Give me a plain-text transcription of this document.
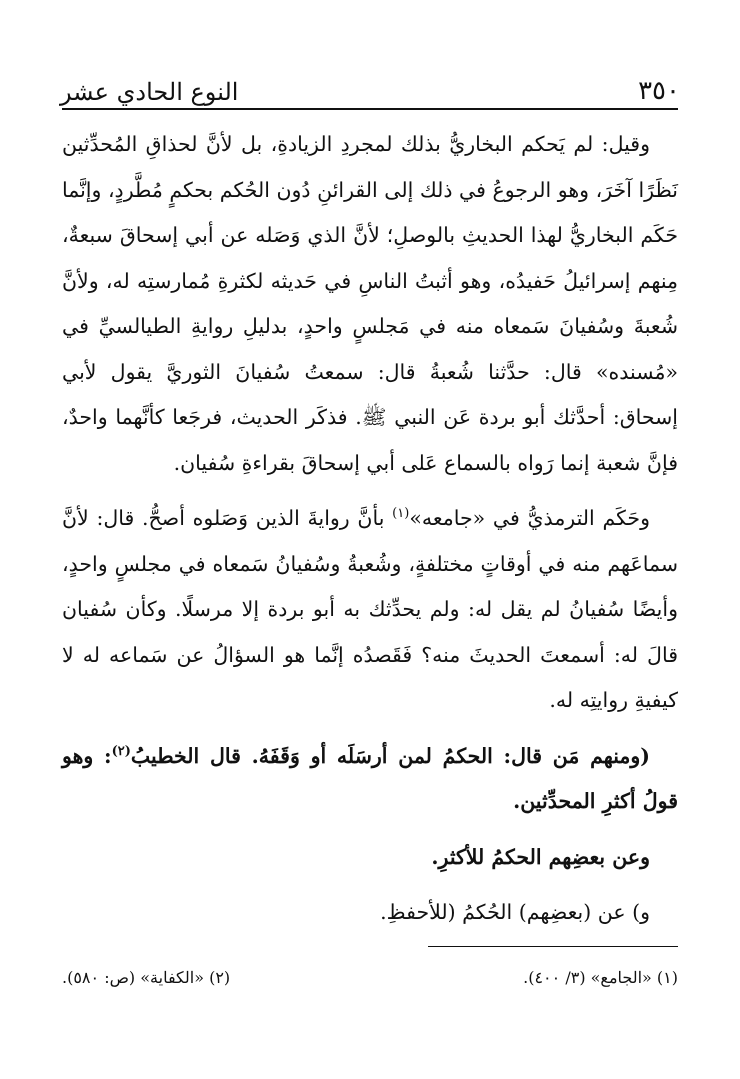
٣٥٠
النوع الحادي عشر

وقيل: لم يَحكم البخاريُّ بذلك لمجردِ الزيادةِ، بل لأنَّ لحذاقِ المُحدِّثين نَظَرًا آخَرَ، وهو الرجوعُ في ذلك إلى القرائنِ دُون الحُكم بحكمٍ مُطَّردٍ، وإنَّما حَكَم البخاريُّ لهذا الحديثِ بالوصلِ؛ لأنَّ الذي وَصَله عن أبي إسحاقَ سبعةٌ، مِنهم إسرائيلُ حَفيدُه، وهو أثبتُ الناسِ في حَديثه لكثرةِ مُمارستِه له، ولأنَّ شُعبةَ وسُفيانَ سَمعاه منه في مَجلسٍ واحدٍ، بدليلِ روايةِ الطيالسيِّ في «مُسنده» قال: حدَّثنا شُعبةُ قال: سمعتُ سُفيانَ الثوريَّ يقول لأبي إسحاق: أحدَّثك أبو بردة عَن النبي ﷺ. فذكَر الحديث، فرجَعا كأنَّهما واحدٌ، فإنَّ شعبة إنما رَواه بالسماع عَلى أبي إسحاقَ بقراءةِ سُفيان.

وحَكَم الترمذيُّ في «جامعه»$^{(١)}$ بأنَّ روايةَ الذين وَصَلوه أصحُّ. قال: لأنَّ سماعَهم منه في أوقاتٍ مختلفةٍ، وشُعبةُ وسُفيانُ سَمعاه في مجلسٍ واحدٍ، وأيضًا سُفيانُ لم يقل له: ولم يحدِّثك به أبو بردة إلا مرسلًا. وكأن سُفيان قالَ له: أسمعتَ الحديثَ منه؟ فَقَصدُه إنَّما هو السؤالُ عن سَماعه له لا كيفيةِ روايتِه له.

(ومنهم مَن قال: الحكمُ لمن أرسَلَه أو وَقَفَهُ. قال الخطيبُ$^{(٢)}$: وهو قولُ أكثرِ المحدِّثين.

وعن بعضِهم الحكمُ للأكثرِ.

و) عن (بعضِهم) الحُكمُ (للأحفظِ.

(١) «الجامع» (٣/ ٤٠٠).
(٢) «الكفاية» (ص: ٥٨٠).
